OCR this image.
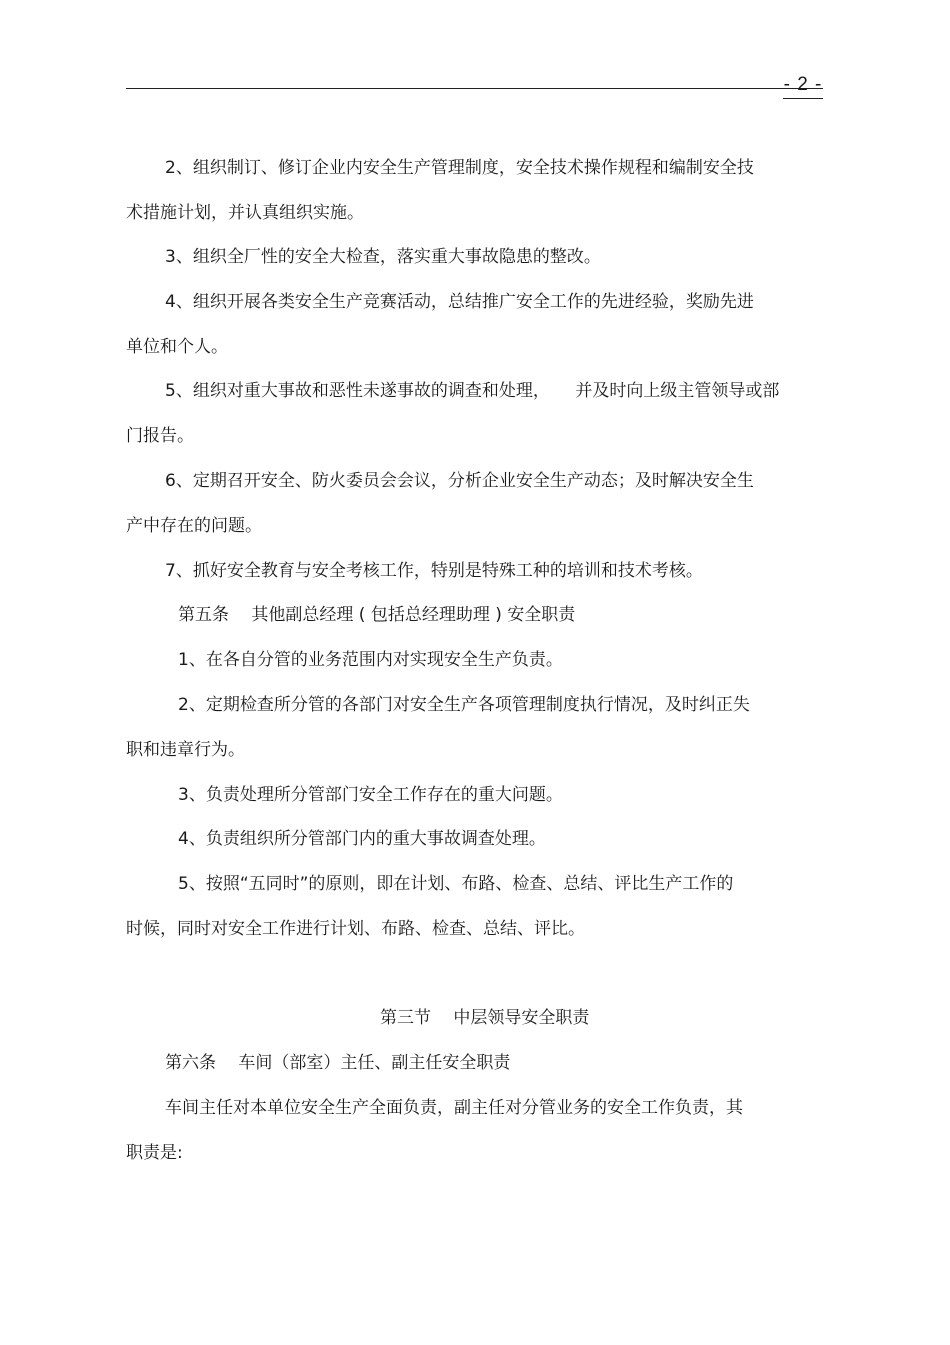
- 2 -
2、组织制订、修订企业内安全生产管理制度，安全技术操作规程和编制安全技
术措施计划，并认真组织实施。
3、组织全厂性的安全大检查，落实重大事故隐患的整改。
4、组织开展各类安全生产竞赛活动，总结推广安全工作的先进经验，奖励先进
单位和个人。
5、组织对重大事故和恶性未遂事故的调查和处理，　　并及时向上级主管领导或部
门报告。
6、定期召开安全、防火委员会会议，分析企业安全生产动态；及时解决安全生
产中存在的问题。
7、抓好安全教育与安全考核工作，特别是特殊工种的培训和技术考核。
第五条　 其他副总经理 ( 包括总经理助理 ) 安全职责
1、在各自分管的业务范围内对实现安全生产负责。
2、定期检查所分管的各部门对安全生产各项管理制度执行情况，及时纠正失
职和违章行为。
3、负责处理所分管部门安全工作存在的重大问题。
4、负责组织所分管部门内的重大事故调查处理。
5、按照“五同时”的原则，即在计划、布路、检查、总结、评比生产工作的
时候，同时对安全工作进行计划、布路、检查、总结、评比。
第三节　 中层领导安全职责
第六条　 车间（部室）主任、副主任安全职责
车间主任对本单位安全生产全面负责，副主任对分管业务的安全工作负责，其
职责是:
